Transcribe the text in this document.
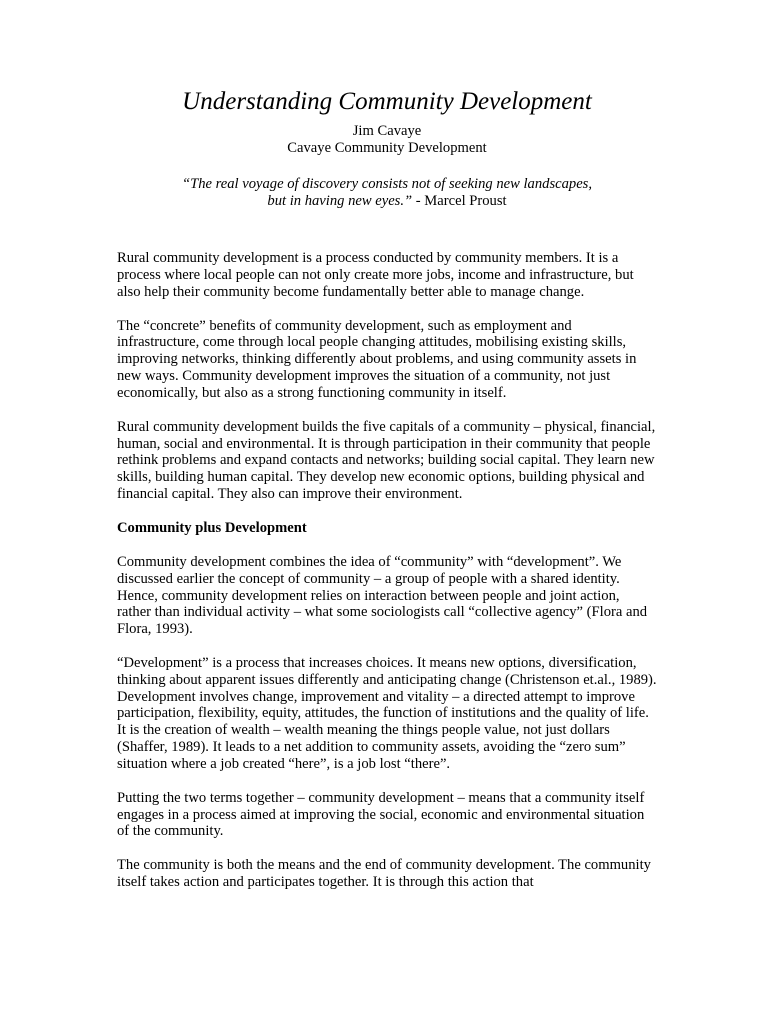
Understanding Community Development
Jim Cavaye
Cavaye Community Development
“The real voyage of discovery consists not of seeking new landscapes,
but in having new eyes.” - Marcel Proust

Rural community development is a process conducted by community members. It is a process where local people can not only create more jobs, income and infrastructure, but also help their community become fundamentally better able to manage change.

The “concrete” benefits of community development, such as employment and infrastructure, come through local people changing attitudes, mobilising existing skills, improving networks, thinking differently about problems, and using community assets in new ways. Community development improves the situation of a community, not just economically, but also as a strong functioning community in itself.

Rural community development builds the five capitals of a community – physical, financial, human, social and environmental. It is through participation in their community that people rethink problems and expand contacts and networks; building social capital. They learn new skills, building human capital. They develop new economic options, building physical and financial capital. They also can improve their environment.

Community plus Development

Community development combines the idea of “community” with “development”. We discussed earlier the concept of community – a group of people with a shared identity. Hence, community development relies on interaction between people and joint action, rather than individual activity – what some sociologists call “collective agency” (Flora and Flora, 1993).

“Development” is a process that increases choices. It means new options, diversification, thinking about apparent issues differently and anticipating change (Christenson et.al., 1989). Development involves change, improvement and vitality – a directed attempt to improve participation, flexibility, equity, attitudes, the function of institutions and the quality of life. It is the creation of wealth – wealth meaning the things people value, not just dollars (Shaffer, 1989). It leads to a net addition to community assets, avoiding the “zero sum” situation where a job created “here”, is a job lost “there”.

Putting the two terms together – community development – means that a community itself engages in a process aimed at improving the social, economic and environmental situation of the community.

The community is both the means and the end of community development. The community itself takes action and participates together. It is through this action that
